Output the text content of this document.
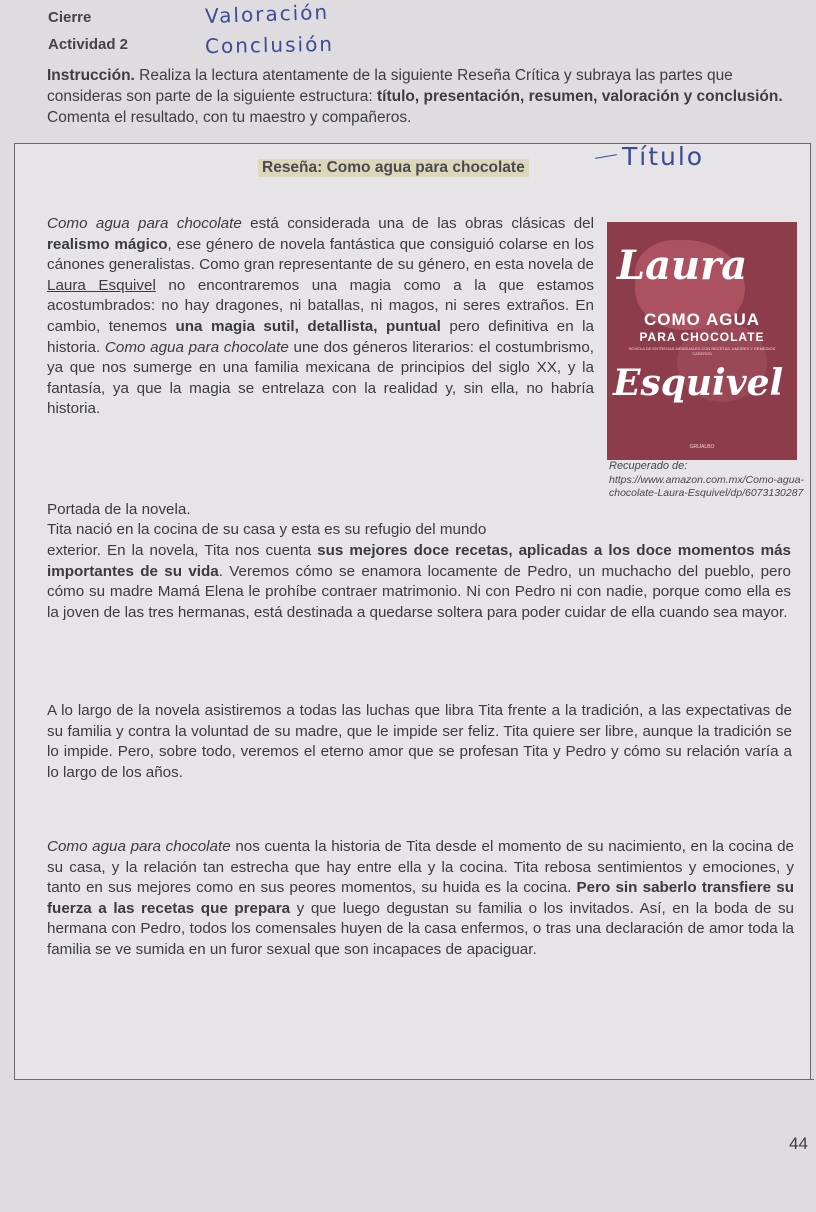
Cierre	Valoración
Actividad 2	Conclusión
Instrucción. Realiza la lectura atentamente de la siguiente Reseña Crítica y subraya las partes que consideras son parte de la siguiente estructura: título, presentación, resumen, valoración y conclusión. Comenta el resultado, con tu maestro y compañeros.
Reseña: Como agua para chocolate	Título
Como agua para chocolate está considerada una de las obras clásicas del realismo mágico, ese género de novela fantástica que consiguió colarse en los cánones generalistas. Como gran representante de su género, en esta novela de Laura Esquivel no encontraremos una magia como a la que estamos acostumbrados: no hay dragones, ni batallas, ni magos, ni seres extraños. En cambio, tenemos una magia sutil, detallista, puntual pero definitiva en la historia. Como agua para chocolate une dos géneros literarios: el costumbrismo, ya que nos sumerge en una familia mexicana de principios del siglo XX, y la fantasía, ya que la magia se entrelaza con la realidad y, sin ella, no habría historia.
Laura
COMO AGUA
PARA CHOCOLATE
NOVELA DE ENTREGAS MENSUALES CON RECETAS, AMORES Y REMEDIOS CASEROS
Esquivel
GRIJALBO
Recuperado de:
https://www.amazon.com.mx/Como-agua-chocolate-Laura-Esquivel/dp/6073130287
Portada de la novela.
Tita nació en la cocina de su casa y esta es su refugio del mundo
exterior. En la novela, Tita nos cuenta sus mejores doce recetas, aplicadas a los doce momentos más importantes de su vida. Veremos cómo se enamora locamente de Pedro, un muchacho del pueblo, pero cómo su madre Mamá Elena le prohíbe contraer matrimonio. Ni con Pedro ni con nadie, porque como ella es la joven de las tres hermanas, está destinada a quedarse soltera para poder cuidar de ella cuando sea mayor.
A lo largo de la novela asistiremos a todas las luchas que libra Tita frente a la tradición, a las expectativas de su familia y contra la voluntad de su madre, que le impide ser feliz. Tita quiere ser libre, aunque la tradición se lo impide. Pero, sobre todo, veremos el eterno amor que se profesan Tita y Pedro y cómo su relación varía a lo largo de los años.
Como agua para chocolate nos cuenta la historia de Tita desde el momento de su nacimiento, en la cocina de su casa, y la relación tan estrecha que hay entre ella y la cocina. Tita rebosa sentimientos y emociones, y tanto en sus mejores como en sus peores momentos, su huida es la cocina. Pero sin saberlo transfiere su fuerza a las recetas que prepara y que luego degustan su familia o los invitados. Así, en la boda de su hermana con Pedro, todos los comensales huyen de la casa enfermos, o tras una declaración de amor toda la familia se ve sumida en un furor sexual que son incapaces de apaciguar.
44
